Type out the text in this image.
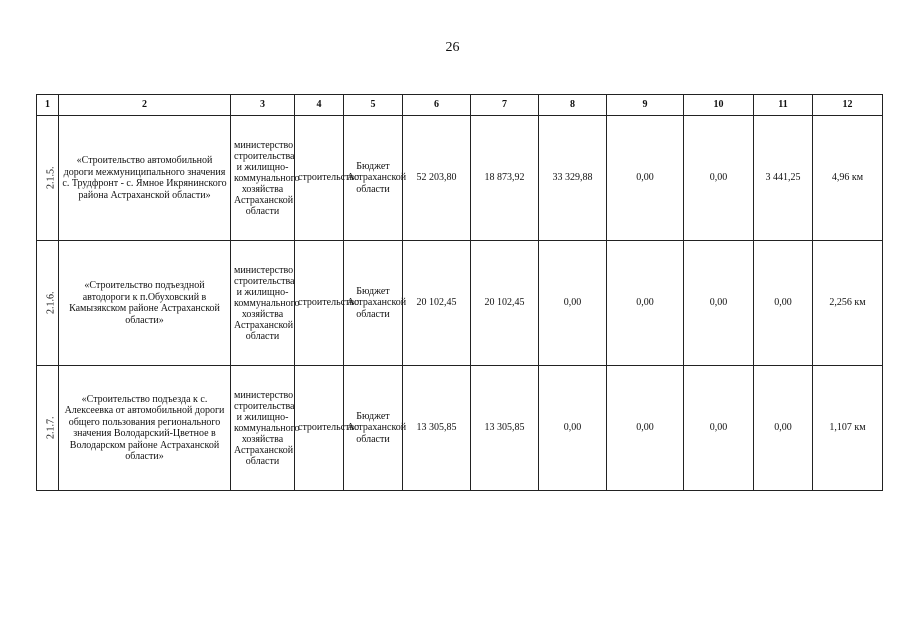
26
1	2	3	4	5	6	7	8	9	10	11	12
2.1.5.	«Строительство автомобильной дороги межмуниципального значения с. Трудфронт - с. Ямное Икрянинского района Астраханской области»	министерство строительства и жилищно-коммунального хозяйства Астраханской области	строительство	Бюджет Астраханской области	52 203,80	18 873,92	33 329,88	0,00	0,00	3 441,25	4,96 км
2.1.6.	«Строительство подъездной автодороги к п.Обуховский в Камызякском районе Астраханской области»	министерство строительства и жилищно-коммунального хозяйства Астраханской области	строительство	Бюджет Астраханской области	20 102,45	20 102,45	0,00	0,00	0,00	0,00	2,256 км
2.1.7.	«Строительство подъезда к с. Алексеевка от автомобильной дороги общего пользования регионального значения Володарский-Цветное в Володарском районе Астраханской области»	министерство строительства и жилищно-коммунального хозяйства Астраханской области	строительство	Бюджет Астраханской области	13 305,85	13 305,85	0,00	0,00	0,00	0,00	1,107 км
